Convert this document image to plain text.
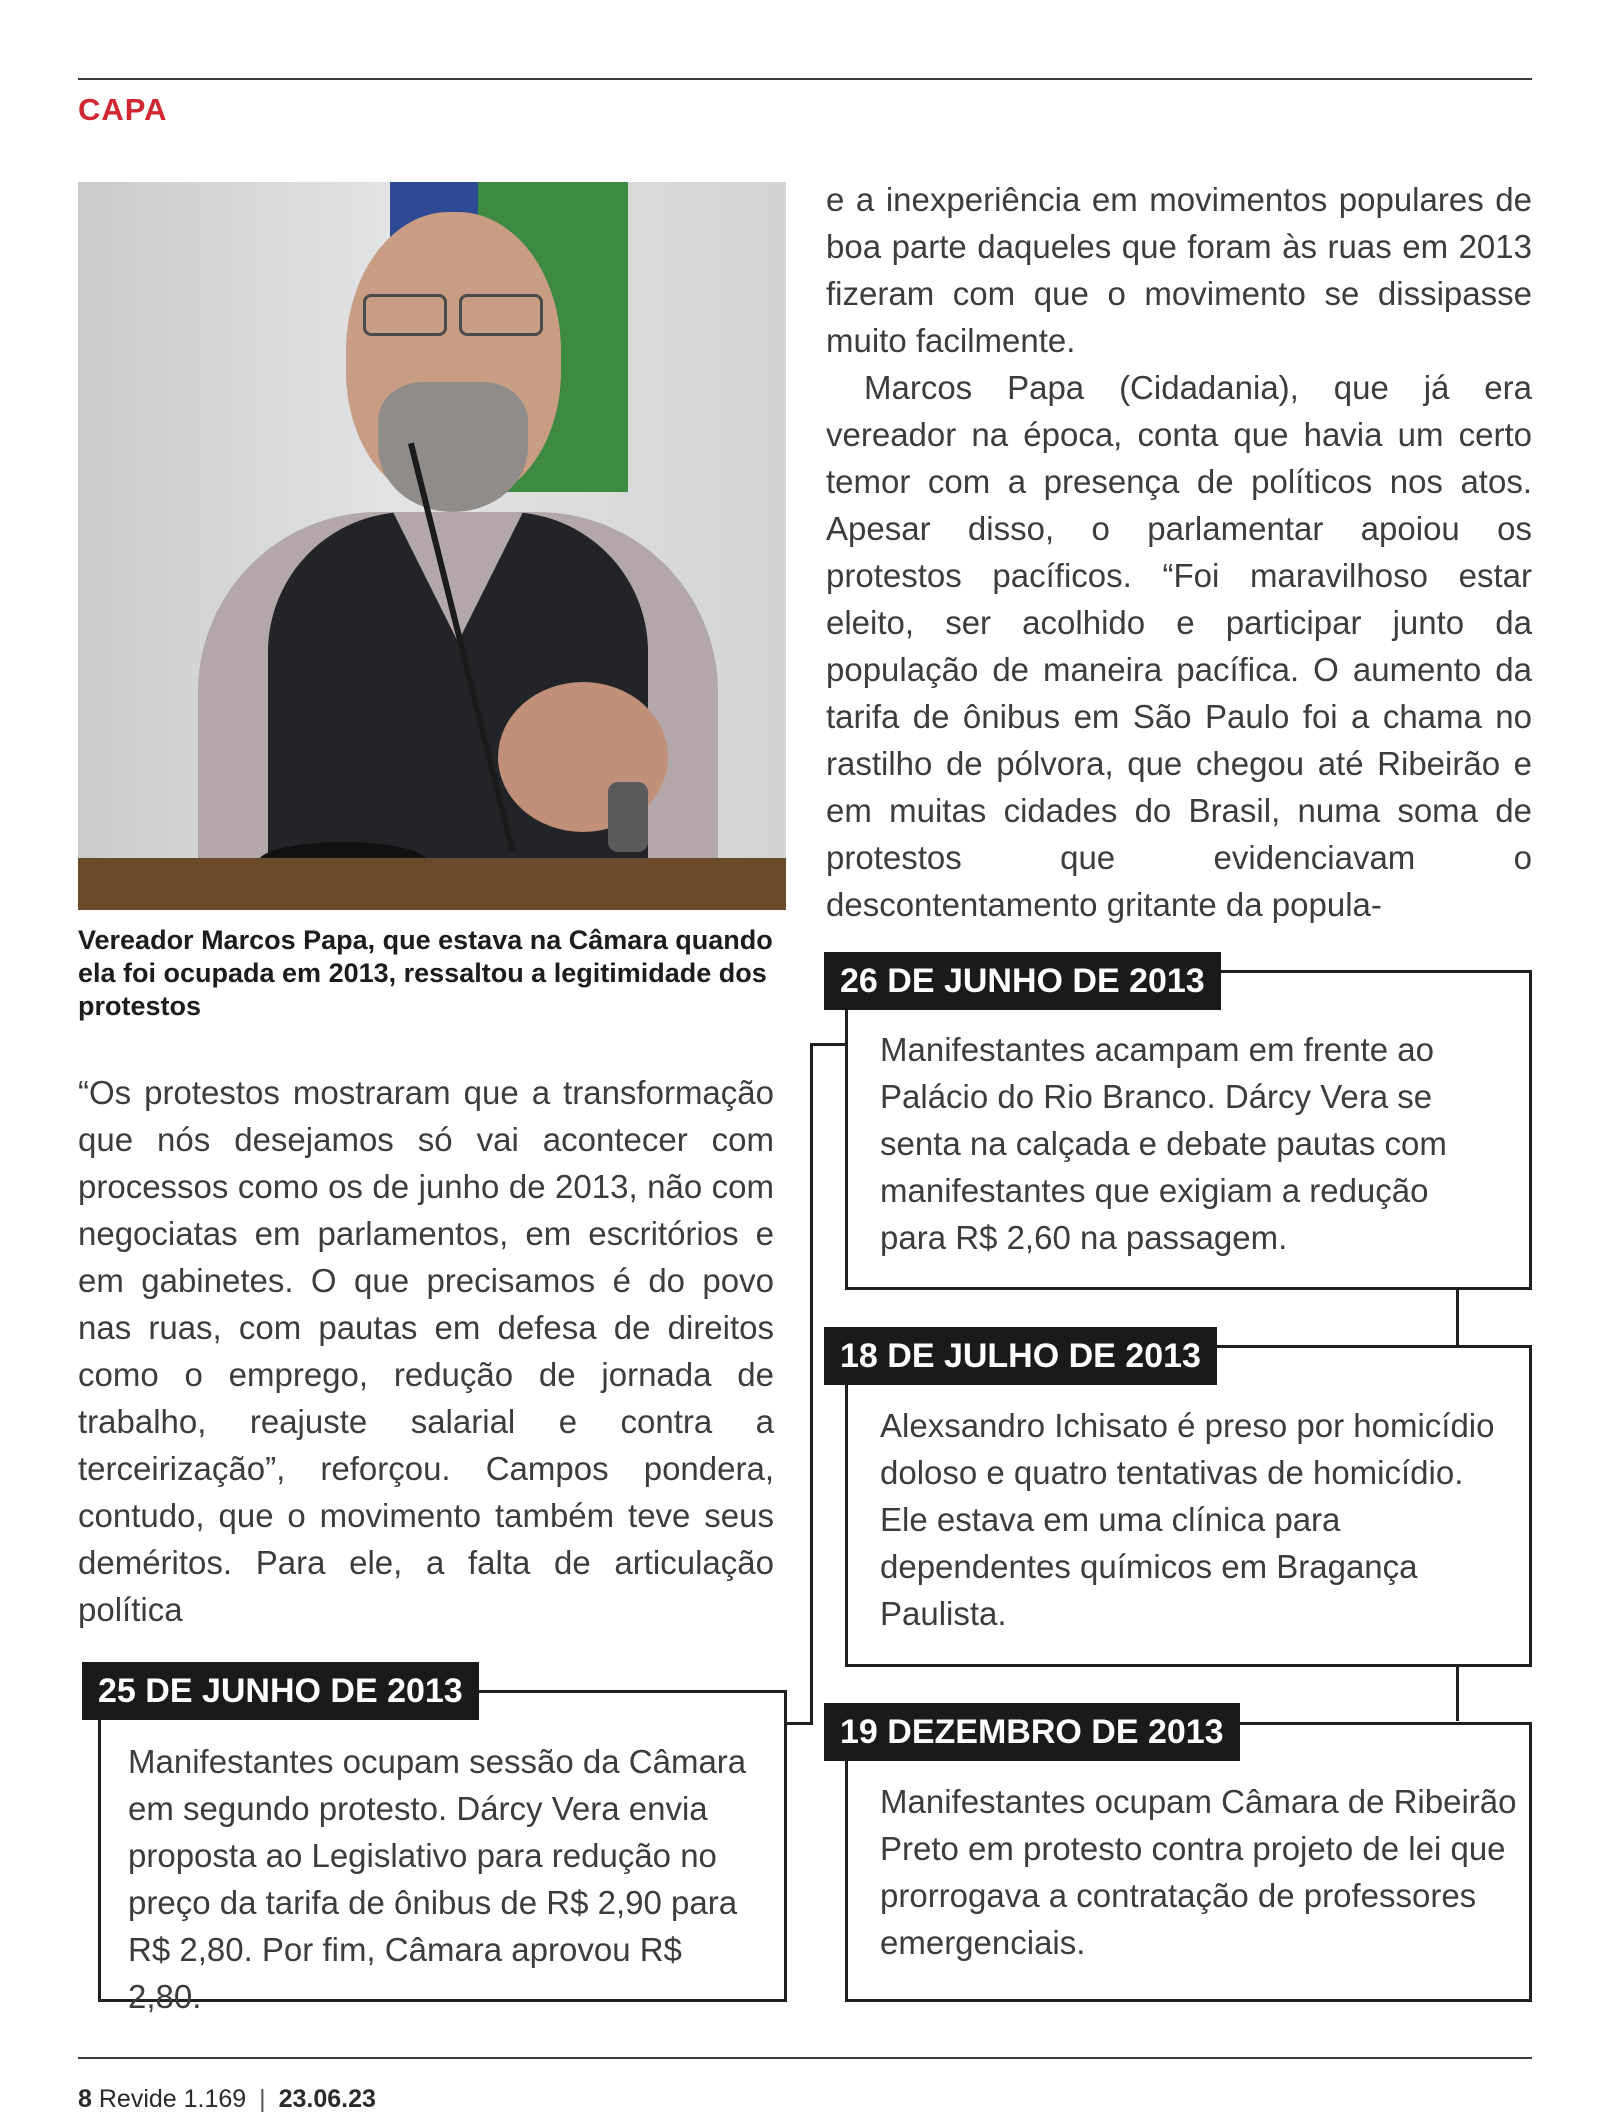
CAPA
Vereador Marcos Papa, que estava na Câmara quando ela foi ocupada em 2013, ressaltou a legitimidade dos protestos

e a inexperiência em movimentos populares de boa parte daqueles que foram às ruas em 2013 fizeram com que o movimento se dissipasse muito facilmente.

Marcos Papa (Cidadania), que já era vereador na época, conta que havia um certo temor com a presença de políticos nos atos. Apesar disso, o parlamentar apoiou os protestos pacíficos. “Foi maravilhoso estar eleito, ser acolhido e participar junto da população de maneira pacífica. O aumento da tarifa de ônibus em São Paulo foi a chama no rastilho de pólvora, que chegou até Ribeirão e em muitas cidades do Brasil, numa soma de protestos que evidenciavam o descontentamento gritante da popula-

“Os protestos mostraram que a transformação que nós desejamos só vai acontecer com processos como os de junho de 2013, não com negociatas em parlamentos, em escritórios e em gabinetes. O que precisamos é do povo nas ruas, com pautas em defesa de direitos como o emprego, redução de jornada de trabalho, reajuste salarial e contra a terceirização”, reforçou. Campos pondera, contudo, que o movimento também teve seus deméritos. Para ele, a falta de articulação política

25 DE JUNHO DE 2013
Manifestantes ocupam sessão da Câmara em segundo protesto. Dárcy Vera envia proposta ao Legislativo para redução no preço da tarifa de ônibus de R$ 2,90 para R$ 2,80. Por fim, Câmara aprovou R$ 2,80.
26 DE JUNHO DE 2013
Manifestantes acampam em frente ao Palácio do Rio Branco. Dárcy Vera se senta na calçada e debate pautas com manifestantes que exigiam a redução para R$ 2,60 na passagem.
18 DE JULHO DE 2013
Alexsandro Ichisato é preso por homicídio doloso e quatro tentativas de homicídio. Ele estava em uma clínica para dependentes químicos em Bragança Paulista.
19 DEZEMBRO DE 2013
Manifestantes ocupam Câmara de Ribeirão Preto em protesto contra projeto de lei que prorrogava a contratação de professores emergenciais.
8 Revide 1.169 | 23.06.23
